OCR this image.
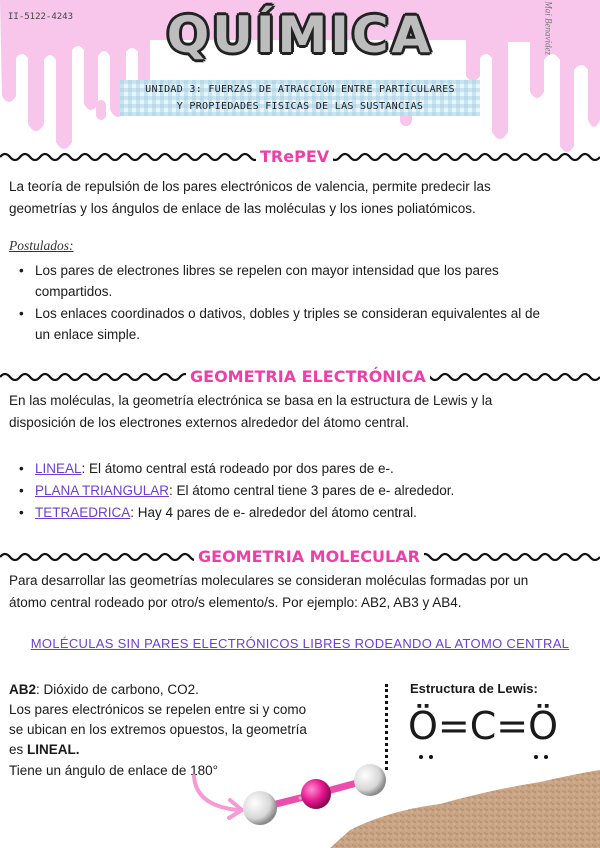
II-5122-4243	QUÍMICA	Mai Benavidez
UNIDAD 3: FUERZAS DE ATRACCIÓN ENTRE PARTÍCULARES
Y PROPIEDADES FISICAS DE LAS SUSTANCIAS
TRePEV
La teoría de repulsión de los pares electrónicos de valencia, permite predecir las
geometrías y los ángulos de enlace de las moléculas y los iones poliatómicos.
Postulados:
• Los pares de electrones libres se repelen con mayor intensidad que los pares
compartidos.
• Los enlaces coordinados o dativos, dobles y triples se consideran equivalentes al de
un enlace simple.
GEOMETRIA ELECTRÓNICA
En las moléculas, la geometría electrónica se basa en la estructura de Lewis y la
disposición de los electrones externos alrededor del átomo central.
• LINEAL: El átomo central está rodeado por dos pares de e-.
• PLANA TRIANGULAR: El átomo central tiene 3 pares de e- alrededor.
• TETRAEDRICA: Hay 4 pares de e- alrededor del átomo central.
GEOMETRIA MOLECULAR
Para desarrollar las geometrías moleculares se consideran moléculas formadas por un
átomo central rodeado por otro/s elemento/s. Por ejemplo: AB2, AB3 y AB4.
MOLÉCULAS SIN PARES ELECTRÓNICOS LIBRES RODEANDO AL ATOMO CENTRAL
AB2: Dióxido de carbono, CO2.
Los pares electrónicos se repelen entre si y como
se ubican en los extremos opuestos, la geometría
es LINEAL.
Tiene un ángulo de enlace de 180°
Estructura de Lewis:
Ö=C=Ö
